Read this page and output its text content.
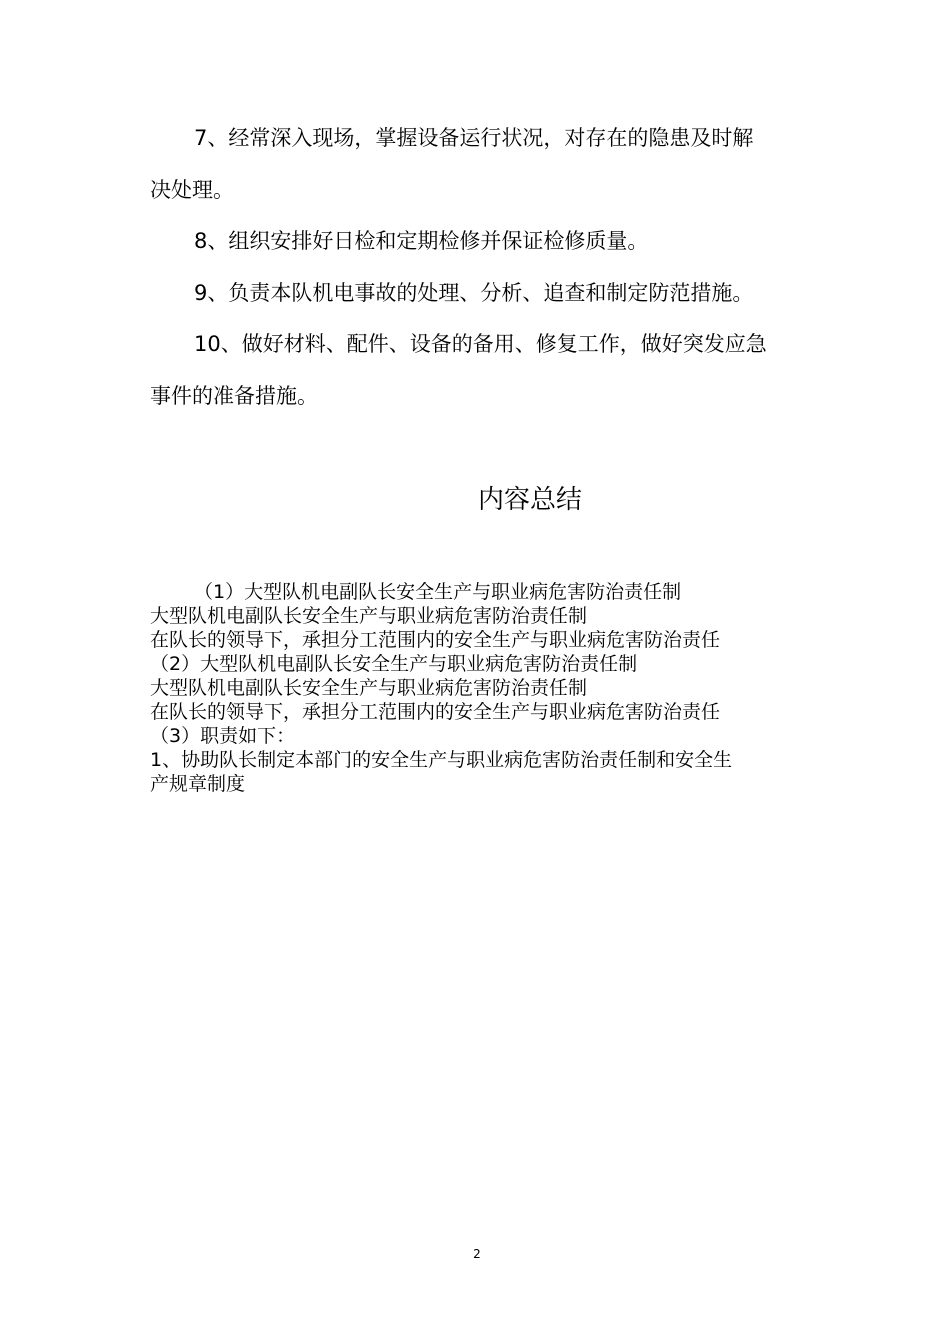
7、经常深入现场，掌握设备运行状况，对存在的隐患及时解
决处理。
8、组织安排好日检和定期检修并保证检修质量。
9、负责本队机电事故的处理、分析、追查和制定防范措施。
10、做好材料、配件、设备的备用、修复工作，做好突发应急
事件的准备措施。
内容总结
（1）大型队机电副队长安全生产与职业病危害防治责任制
大型队机电副队长安全生产与职业病危害防治责任制
在队长的领导下，承担分工范围内的安全生产与职业病危害防治责任
（2）大型队机电副队长安全生产与职业病危害防治责任制
大型队机电副队长安全生产与职业病危害防治责任制
在队长的领导下，承担分工范围内的安全生产与职业病危害防治责任
（3）职责如下：
1、协助队长制定本部门的安全生产与职业病危害防治责任制和安全生
产规章制度
2
